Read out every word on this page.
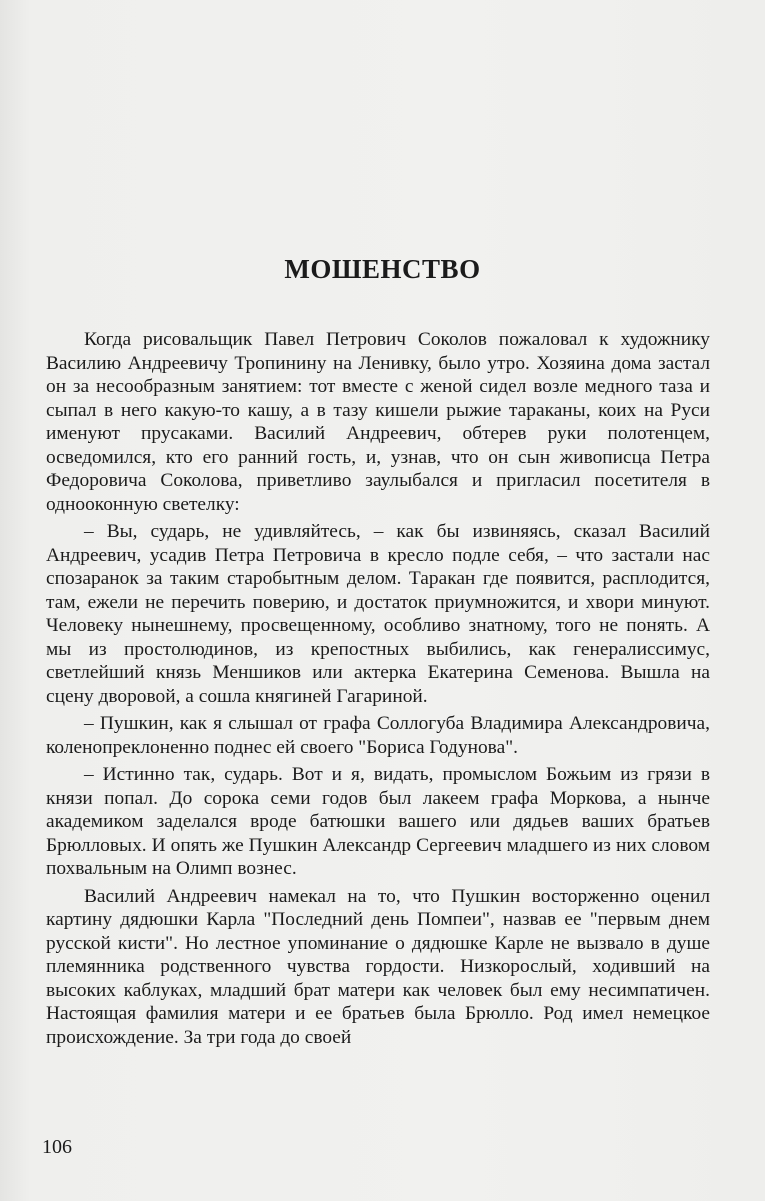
МОШЕНСТВО

Когда рисовальщик Павел Петрович Соколов пожаловал к художнику Василию Андреевичу Тропинину на Ленивку, было утро. Хозяина дома застал он за несообразным занятием: тот вместе с женой сидел возле медного таза и сыпал в него какую-то кашу, а в тазу кишели рыжие тараканы, коих на Руси именуют прусаками. Василий Андреевич, обтерев руки полотенцем, осведомился, кто его ранний гость, и, узнав, что он сын живописца Петра Федоровича Соколова, приветливо заулыбался и пригласил посетителя в однооконную светелку:

– Вы, сударь, не удивляйтесь, – как бы извиняясь, сказал Василий Андреевич, усадив Петра Петровича в кресло подле себя, – что застали нас спозаранок за таким старобытным делом. Таракан где появится, расплодится, там, ежели не перечить поверию, и достаток приумножится, и хвори минуют. Человеку нынешнему, просвещенному, особливо знатному, того не понять. А мы из простолюдинов, из крепостных выбились, как генералиссимус, светлейший князь Меншиков или актерка Екатерина Семенова. Вышла на сцену дворовой, а сошла княгиней Гагариной.

– Пушкин, как я слышал от графа Соллогуба Владимира Александровича, коленопреклоненно поднес ей своего "Бориса Годунова".

– Истинно так, сударь. Вот и я, видать, промыслом Божьим из грязи в князи попал. До сорока семи годов был лакеем графа Моркова, а нынче академиком заделался вроде батюшки вашего или дядьев ваших братьев Брюлловых. И опять же Пушкин Александр Сергеевич младшего из них словом похвальным на Олимп вознес.

Василий Андреевич намекал на то, что Пушкин восторженно оценил картину дядюшки Карла "Последний день Помпеи", назвав ее "первым днем русской кисти". Но лестное упоминание о дядюшке Карле не вызвало в душе племянника родственного чувства гордости. Низкорослый, ходивший на высоких каблуках, младший брат матери как человек был ему несимпатичен. Настоящая фамилия матери и ее братьев была Брюлло. Род имел немецкое происхождение. За три года до своей

106
